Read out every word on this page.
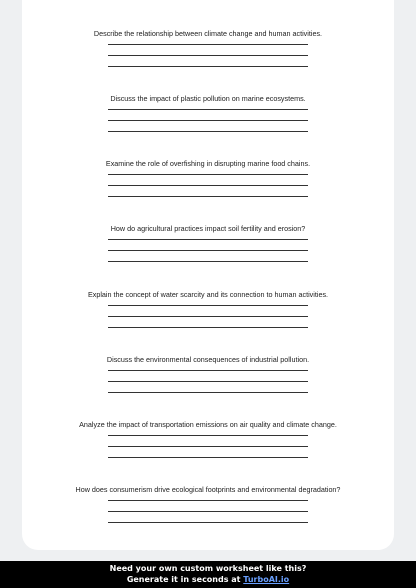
Describe the relationship between climate change and human activities.
Discuss the impact of plastic pollution on marine ecosystems.
Examine the role of overfishing in disrupting marine food chains.
How do agricultural practices impact soil fertility and erosion?
Explain the concept of water scarcity and its connection to human activities.
Discuss the environmental consequences of industrial pollution.
Analyze the impact of transportation emissions on air quality and climate change.
How does consumerism drive ecological footprints and environmental degradation?
Need your own custom worksheet like this?
Generate it in seconds at TurboAI.io
